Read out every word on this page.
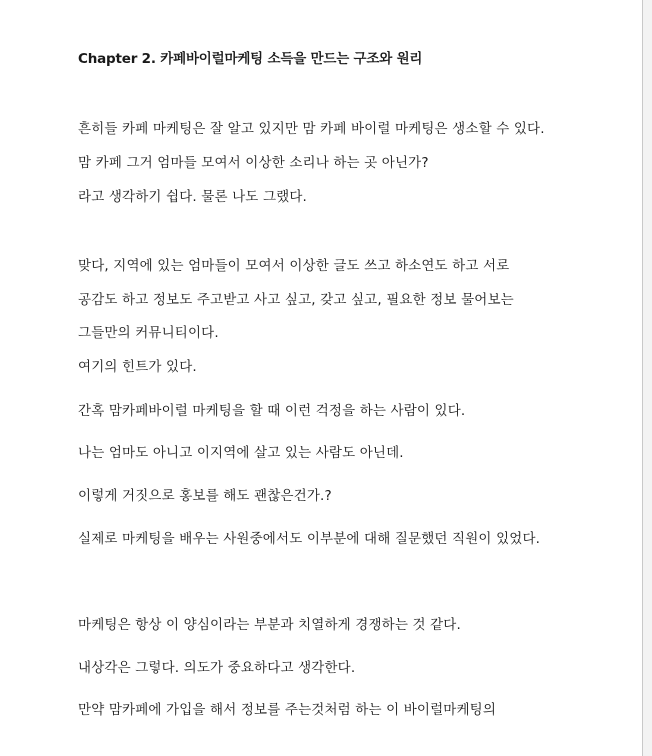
Chapter 2. 카페바이럴마케팅 소득을 만드는 구조와 원리
흔히들 카페 마케팅은 잘 알고 있지만 맘 카페 바이럴 마케팅은 생소할 수 있다.
맘 카페 그거 엄마들 모여서 이상한 소리나 하는 곳 아닌가?
라고 생각하기 쉽다. 물론 나도 그랬다.
맞다, 지역에 있는 엄마들이 모여서 이상한 글도 쓰고 하소연도 하고 서로
공감도 하고 정보도 주고받고 사고 싶고, 갖고 싶고, 필요한 정보 물어보는
그들만의 커뮤니티이다.
여기의 힌트가 있다.
간혹 맘카페바이럴 마케팅을 할 때 이런 걱정을 하는 사람이 있다.
나는 엄마도 아니고 이지역에 살고 있는 사람도 아닌데.
이렇게 거짓으로 홍보를 해도 괜찮은건가.?
실제로 마케팅을 배우는 사원중에서도 이부분에 대해 질문했던 직원이 있었다.
마케팅은 항상 이 양심이라는 부분과 치열하게 경쟁하는 것 같다.
내상각은 그렇다. 의도가 중요하다고 생각한다.
만약 맘카페에 가입을 해서 정보를 주는것처럼 하는 이 바이럴마케팅의
